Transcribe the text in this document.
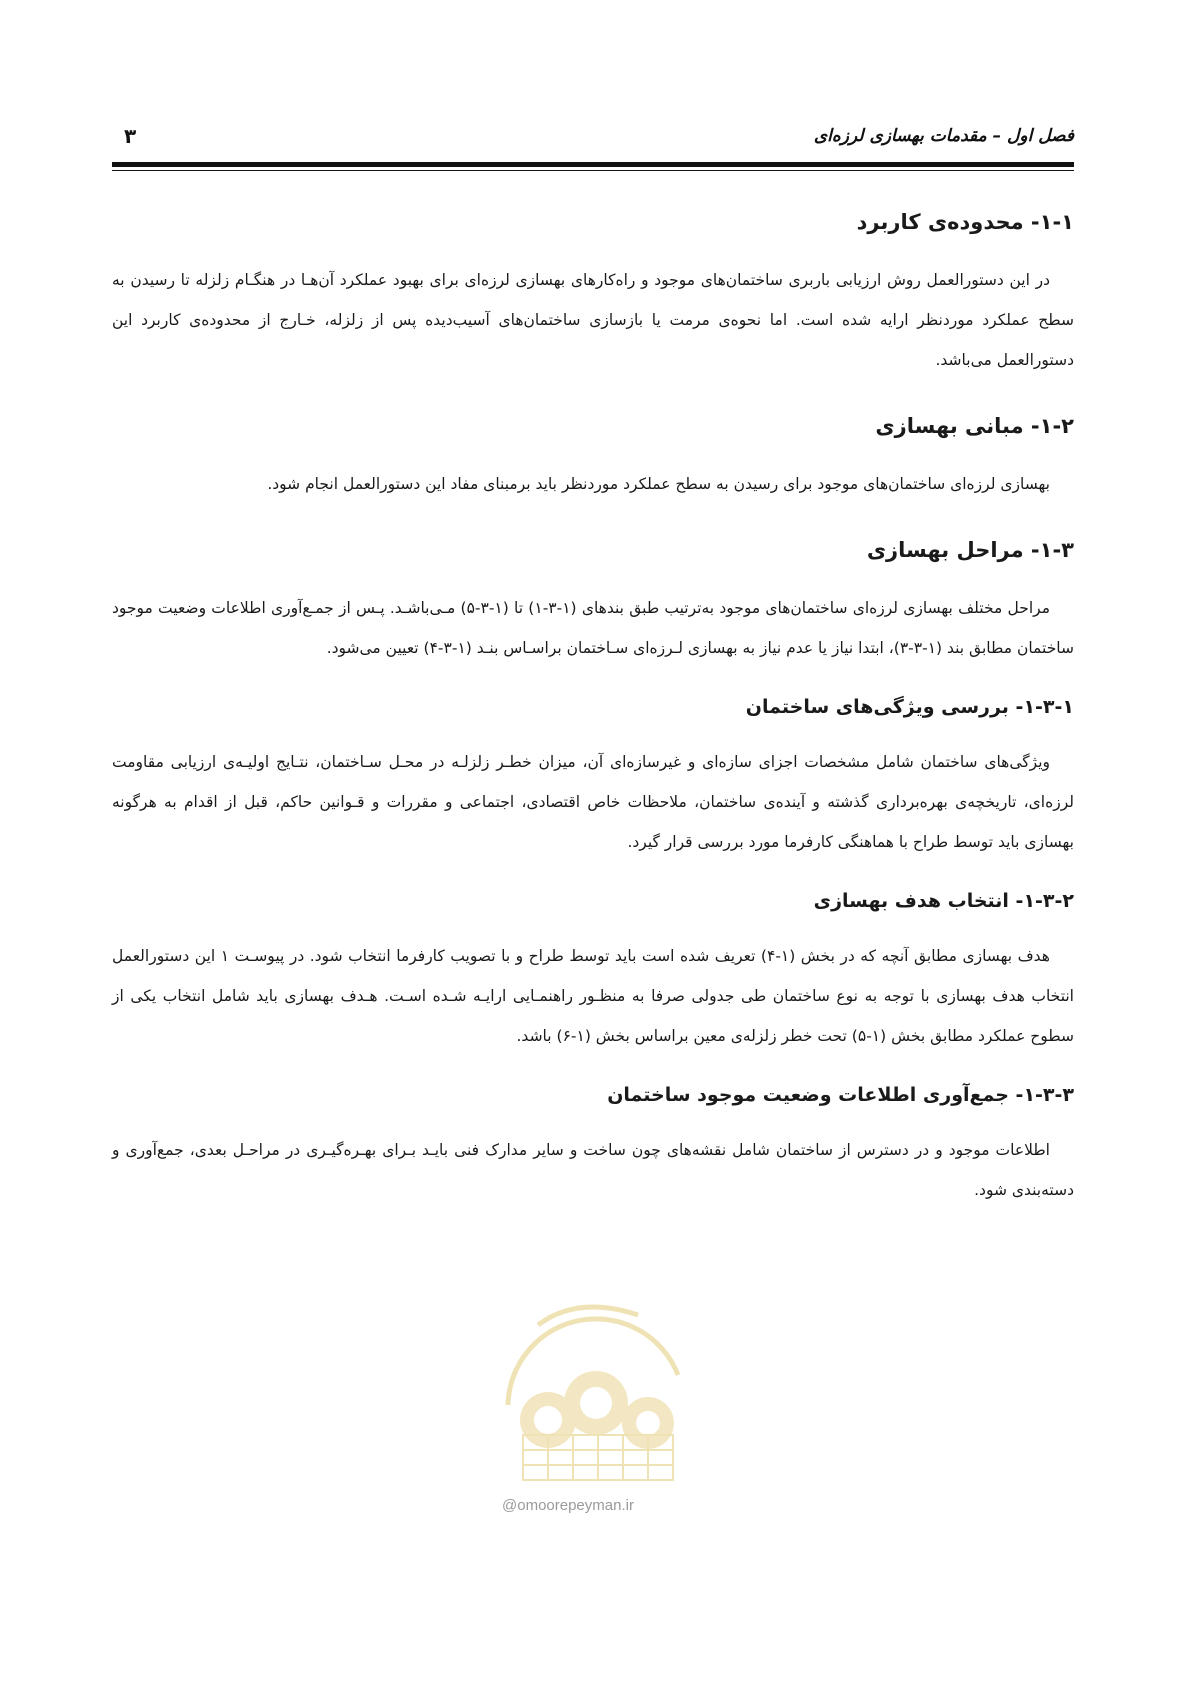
فصل اول – مقدمات بهسازی لرزه‌ای
۳
۱-۱- محدوده‌ی کاربرد

در این دستورالعمل روش ارزیابی باربری ساختمان‌های موجود و راه‌کارهای بهسازی لرزه‌ای برای بهبود عملکرد آن‌هـا در هنگـام زلزله تا رسیدن به سطح عملکرد موردنظر ارایه شده است. اما نحوه‌ی مرمت یا بازسازی ساختمان‌های آسیب‌دیده پس از زلزله، خـارج از محدوده‌ی کاربرد این دستورالعمل می‌باشد.

۱-۲- مبانی بهسازی

بهسازی لرزه‌ای ساختمان‌های موجود برای رسیدن به سطح عملکرد موردنظر باید برمبنای مفاد این دستورالعمل انجام شود.

۱-۳- مراحل بهسازی

مراحل مختلف بهسازی لرزه‌ای ساختمان‌های موجود به‌ترتیب طبق بندهای (۱-۳-۱) تا (۱-۳-۵) مـی‌باشـد. پـس از جمـع‌آوری اطلاعات وضعیت موجود ساختمان مطابق بند (۱-۳-۳)، ابتدا نیاز یا عدم نیاز به بهسازی لـرزه‌ای سـاختمان براسـاس بنـد (۱-۳-۴) تعیین می‌شود.

۱-۳-۱- بررسی ویژگی‌های ساختمان

ویژگی‌های ساختمان شامل مشخصات اجزای سازه‌ای و غیرسازه‌ای آن، میزان خطـر زلزلـه در محـل سـاختمان، نتـایج اولیـه‌ی ارزیابی مقاومت لرزه‌ای، تاریخچه‌ی بهره‌برداری گذشته و آینده‌ی ساختمان، ملاحظات خاص اقتصادی، اجتماعی و مقررات و قـوانین حاکم، قبل از اقدام به هرگونه بهسازی باید توسط طراح با هماهنگی کارفرما مورد بررسی قرار گیرد.

۱-۳-۲- انتخاب هدف بهسازی

هدف بهسازی مطابق آنچه که در بخش (۱-۴) تعریف شده است باید توسط طراح و با تصویب کارفرما انتخاب شود. در پیوسـت ۱ این دستورالعمل انتخاب هدف بهسازی با توجه به نوع ساختمان طی جدولی صرفا به منظـور راهنمـایی ارایـه شـده اسـت. هـدف بهسازی باید شامل انتخاب یکی از سطوح عملکرد مطابق بخش (۱-۵) تحت خطر زلزله‌ی معین براساس بخش (۱-۶) باشد.

۱-۳-۳- جمع‌آوری اطلاعات وضعیت موجود ساختمان

اطلاعات موجود و در دسترس از ساختمان شامل نقشه‌های چون ساخت و سایر مدارک فنی بایـد بـرای بهـره‌گیـری در مراحـل بعدی، جمع‌آوری و دسته‌بندی شود.

@omoorepeyman.ir
